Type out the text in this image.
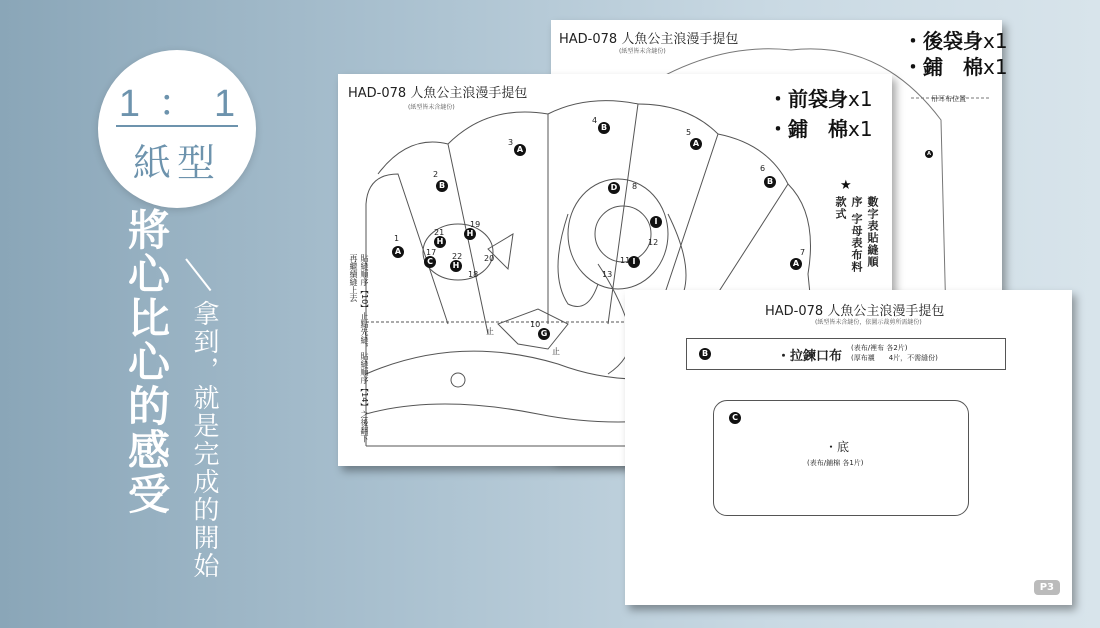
1：1
紙型
將心比心的感受 拿到，就是完成的開始
HAD-078 人魚公主浪漫手提包
(紙型皆未含縫份)	・後袋身x1
・鋪　棉x1
吊耳布位置
A
HAD-078 人魚公主浪漫手提包
(紙型皆未含縫份)	・前袋身x1
・鋪　棉x1
A
1
B
2
A
3
B
4
A
5
B
6
A
7
D	8
G
10
I
11
I
12
13
C
17
H
21
H
22
H
19
20
18
止
止
貼縫順序【10】止點先縫，貼縫順序【14】之後翻下再繼續縫上去
★
數字表貼縫順序 字母表布料款式
HAD-078 人魚公主浪漫手提包
(紙型皆未含縫份，依圖示裁剪所需縫份)
B	・拉鍊口布
(表布/裡布 各2片)
(厚布襯　　4片，不需縫份)
C
・底
(表布/鋪棉 各1片)
P3
